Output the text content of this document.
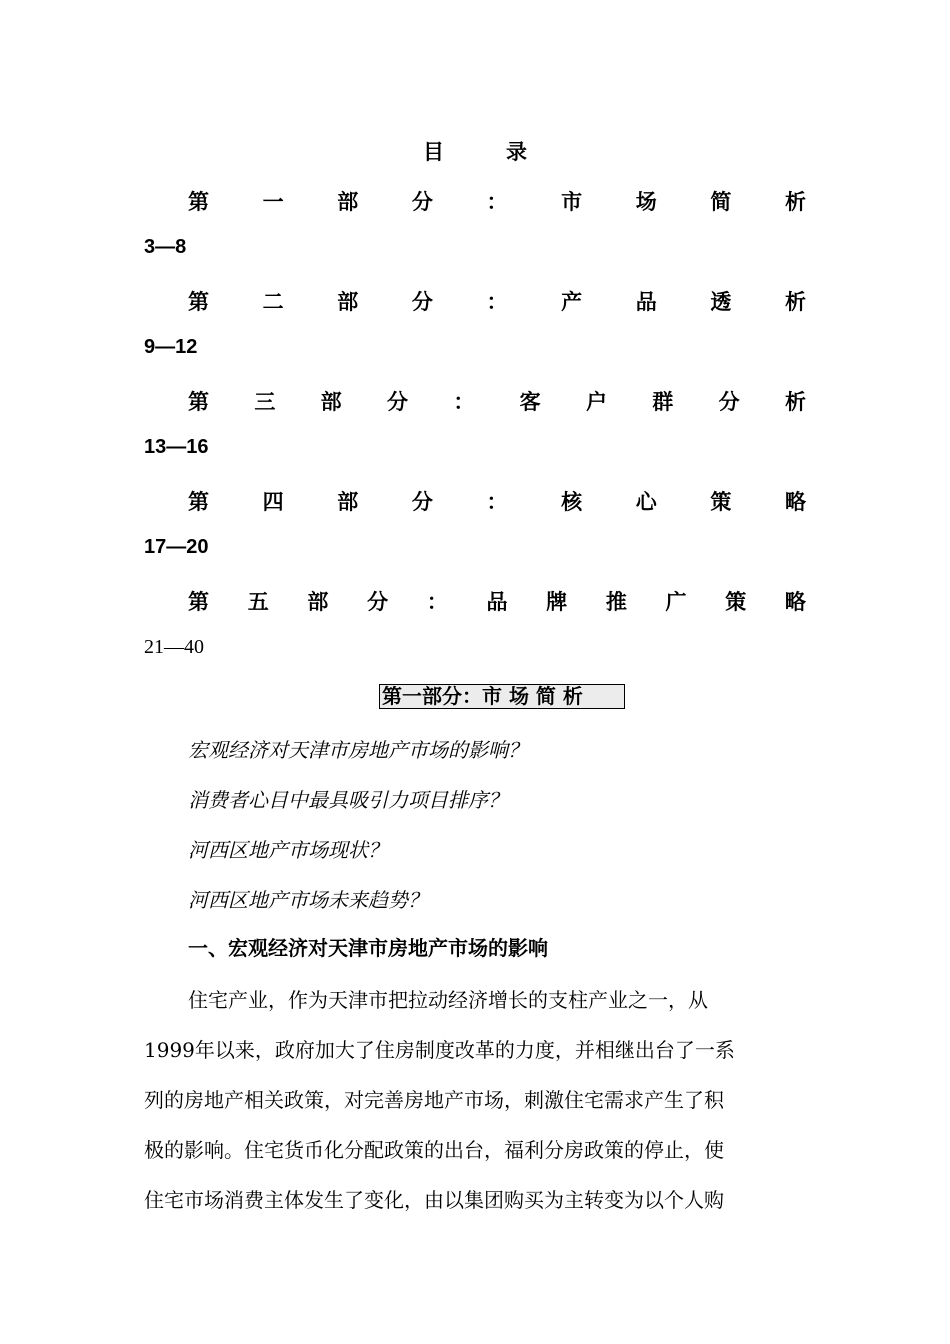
目录
第	一	部	分	：	市	场	简	析
3—8
第	二	部	分	：	产	品	透	析
9—12
第 三 部 分 ： 客 户 群 分 析
13—16
第	四	部	分	：	核	心	策	略
17—20
第 五 部 分 ： 品 牌 推 广 策 略
21—40
第一部分：市 场 简 析
宏观经济对天津市房地产市场的影响？
消费者心目中最具吸引力项目排序？
河西区地产市场现状？
河西区地产市场未来趋势？
一、宏观经济对天津市房地产市场的影响
住宅产业，作为天津市把拉动经济增长的支柱产业之一，从
1999年以来，政府加大了住房制度改革的力度，并相继出台了一系
列的房地产相关政策，对完善房地产市场，刺激住宅需求产生了积
极的影响。住宅货币化分配政策的出台，福利分房政策的停止，使
住宅市场消费主体发生了变化，由以集团购买为主转变为以个人购
